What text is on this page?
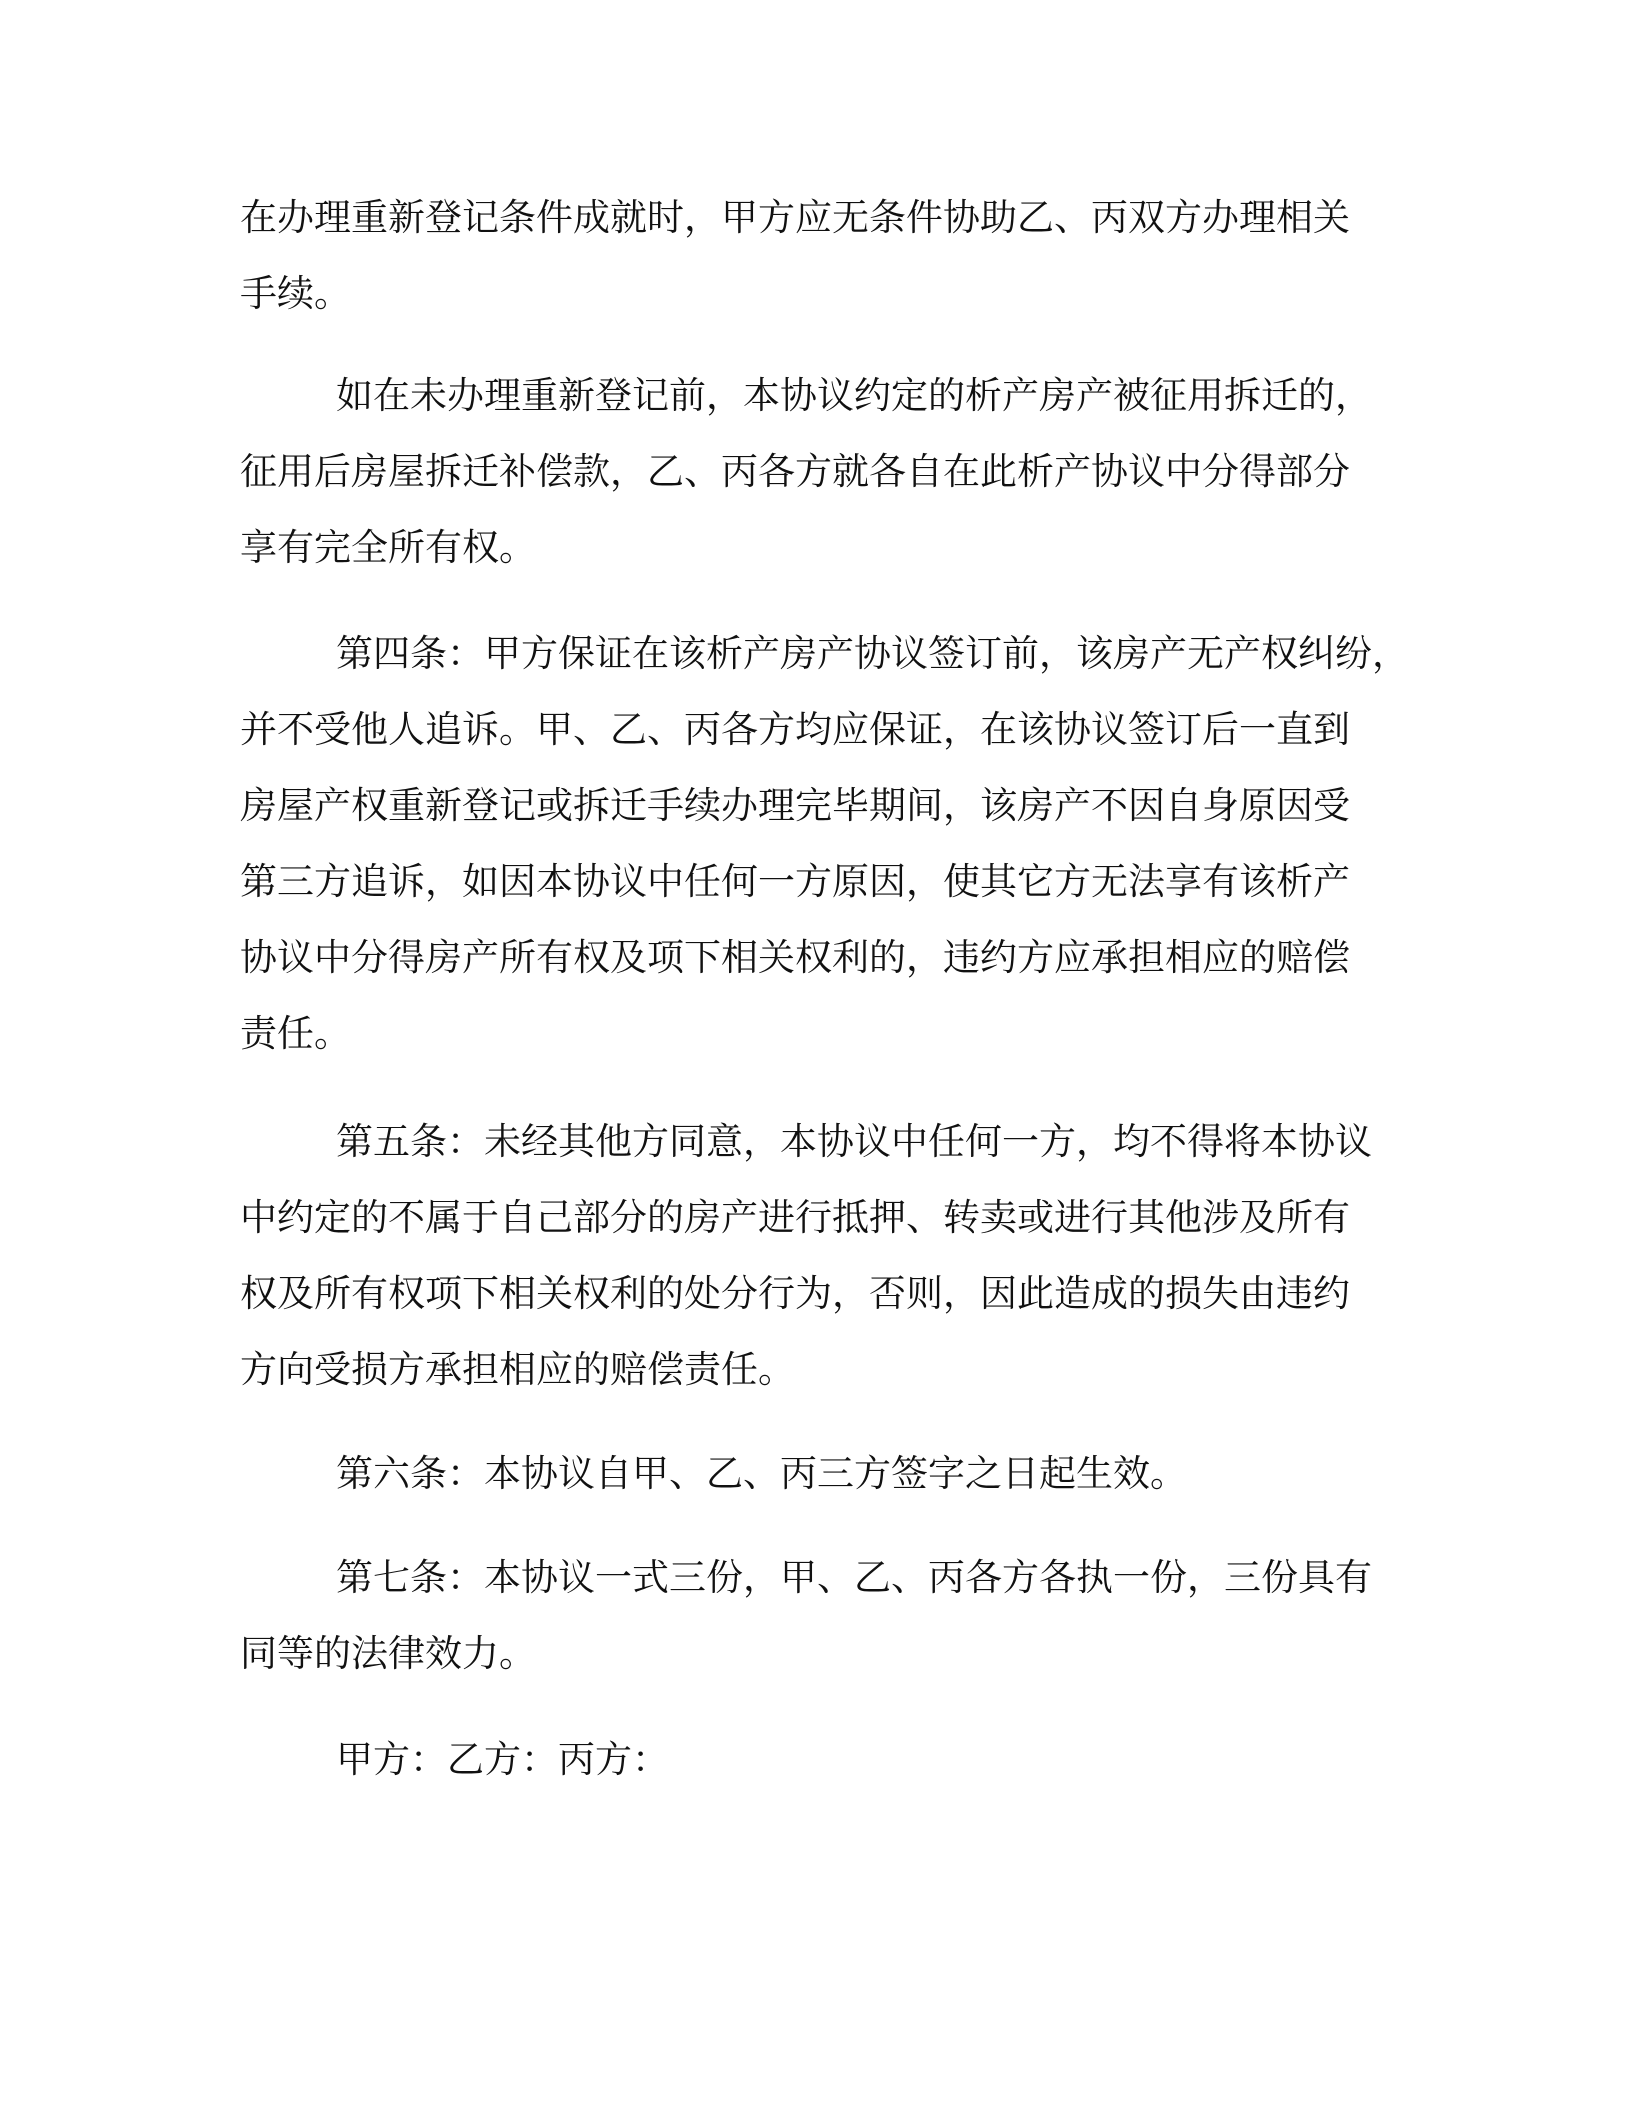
在办理重新登记条件成就时，甲方应无条件协助乙、丙双方办理相关
手续。
如在未办理重新登记前，本协议约定的析产房产被征用拆迁的，
征用后房屋拆迁补偿款，乙、丙各方就各自在此析产协议中分得部分
享有完全所有权。
第四条：甲方保证在该析产房产协议签订前，该房产无产权纠纷，
并不受他人追诉。甲、乙、丙各方均应保证，在该协议签订后一直到
房屋产权重新登记或拆迁手续办理完毕期间，该房产不因自身原因受
第三方追诉，如因本协议中任何一方原因，使其它方无法享有该析产
协议中分得房产所有权及项下相关权利的，违约方应承担相应的赔偿
责任。
第五条：未经其他方同意，本协议中任何一方，均不得将本协议
中约定的不属于自己部分的房产进行抵押、转卖或进行其他涉及所有
权及所有权项下相关权利的处分行为，否则，因此造成的损失由违约
方向受损方承担相应的赔偿责任。
第六条：本协议自甲、乙、丙三方签字之日起生效。
第七条：本协议一式三份，甲、乙、丙各方各执一份，三份具有
同等的法律效力。
甲方：乙方：丙方：
